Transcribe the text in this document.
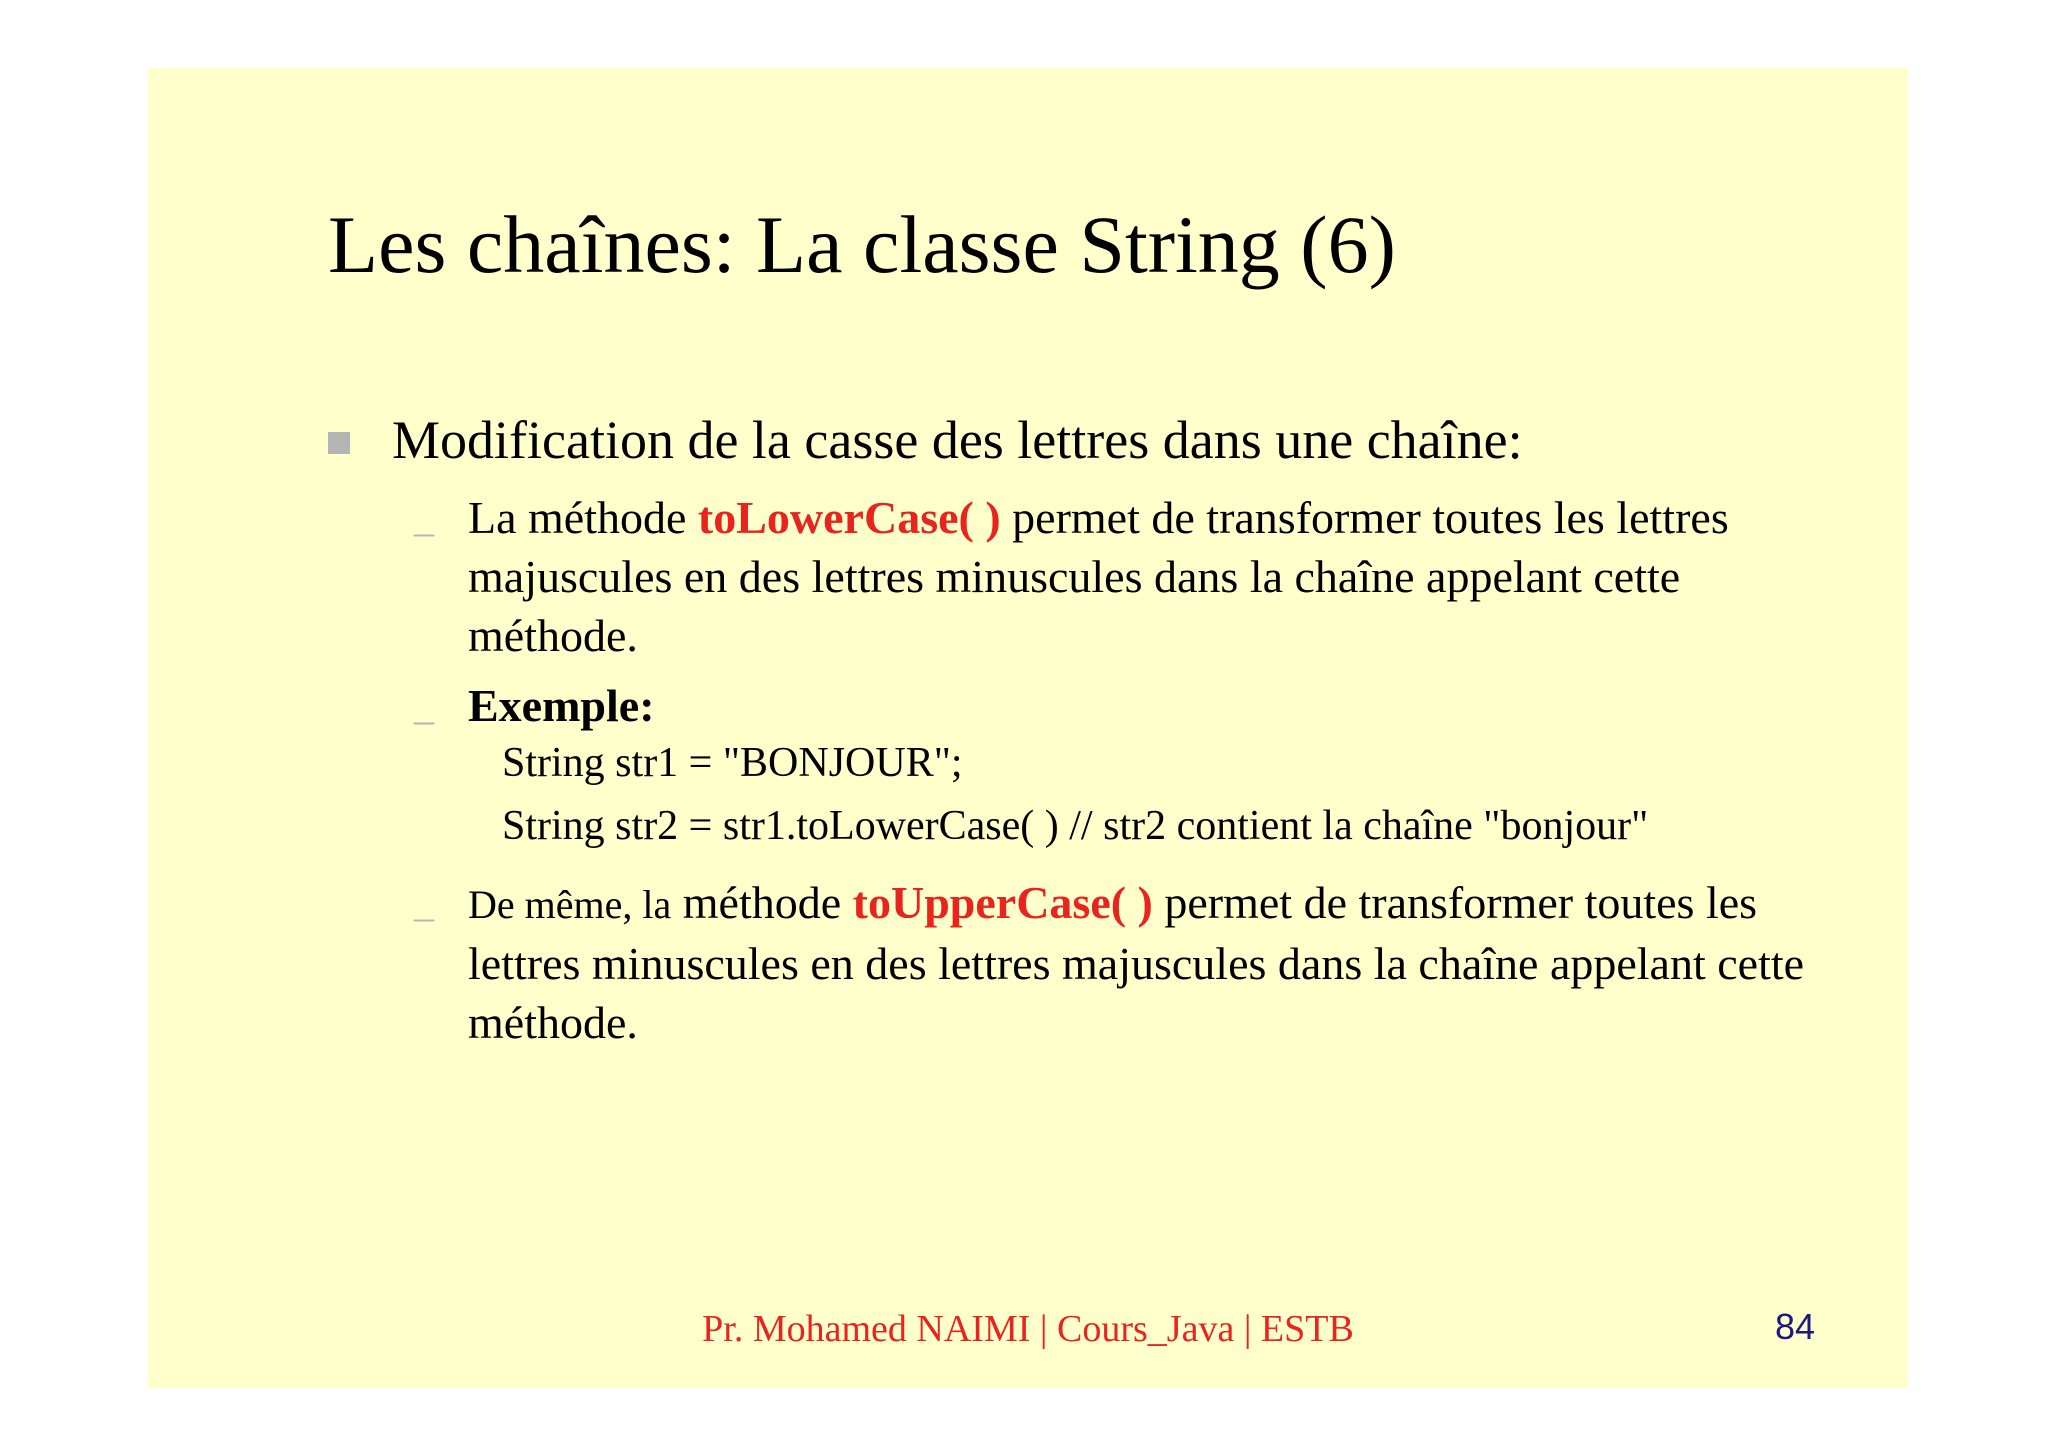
Les chaînes: La classe String (6)
Modification de la casse des lettres dans une chaîne:
– La méthode toLowerCase( ) permet de transformer toutes les lettres majuscules en des lettres minuscules dans la chaîne appelant cette méthode.
– Exemple:
String str1 = "BONJOUR";
String str2 = str1.toLowerCase( ) // str2 contient la chaîne "bonjour"
– De même, la méthode toUpperCase( ) permet de transformer toutes les lettres minuscules en des lettres majuscules dans la chaîne appelant cette méthode.
Pr. Mohamed NAIMI | Cours_Java | ESTB	84
